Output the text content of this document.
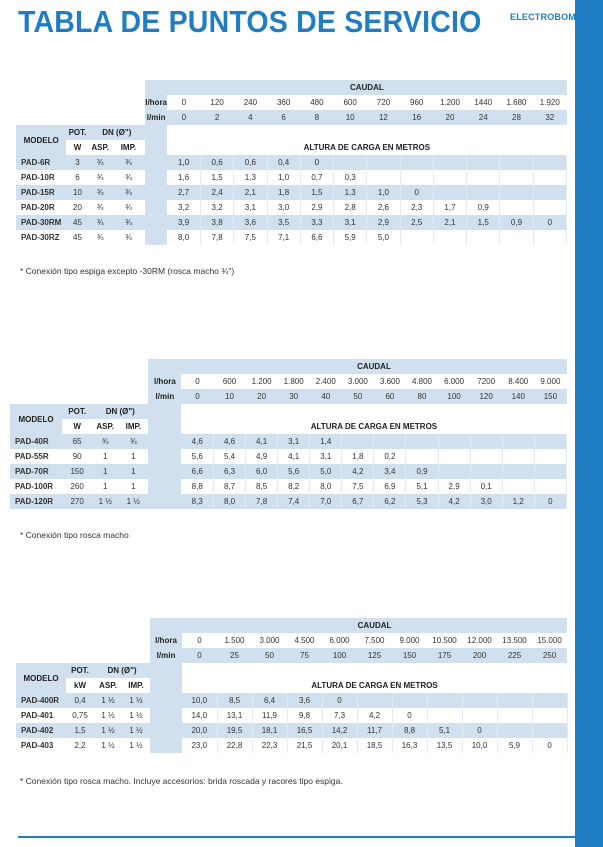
TABLA DE PUNTOS DE SERVICIO	ELECTROBOMBAS
					CAUDAL											
				l/hora	0	120	240	360	480	600	720	960	1.200	1440	1.680	1.920
				l/min	0	2	4	6	8	10	12	16	20	24	28	32
MODELO	POT.	DN (Ø")														
	W	ASP.	IMP.		ALTURA DE CARGA EN METROS											
PAD-6R	3	¾	¾		1,0	0,6	0,6	0,4	0							
PAD-10R	6	¾	¾		1,6	1,5	1,3	1,0	0,7	0,3						
PAD-15R	10	¾	¾		2,7	2,4	2,1	1,8	1,5	1,3	1,0	0				
PAD-20R	20	¾	¾		3,2	3,2	3,1	3,0	2,9	2,8	2,6	2,3	1,7	0,9		
PAD-30RM	45	¾	¾		3,9	3,8	3,6	3,5	3,3	3,1	2,9	2,5	2,1	1,5	0,9	0
PAD-30RZ	45	¾	¾		8,0	7,8	7,5	7,1	6,6	5,9	5,0					
* Conexión tipo espiga excepto -30RM (rosca macho ¾")
					CAUDAL											
				l/hora	0	600	1.200	1.800	2.400	3.000	3.600	4.800	6.000	7200	8.400	9.000
				l/min	0	10	20	30	40	50	60	80	100	120	140	150
MODELO	POT.	DN (Ø")														
	W	ASP.	IMP.		ALTURA DE CARGA EN METROS											
PAD-40R	65	¾	¾		4,6	4,6	4,1	3,1	1,4							
PAD-55R	90	1	1		5,6	5,4	4,9	4,1	3,1	1,8	0,2					
PAD-70R	150	1	1		6,6	6,3	6,0	5,6	5,0	4,2	3,4	0,9				
PAD-100R	260	1	1		8,8	8,7	8,5	8,2	8,0	7,5	6,9	5,1	2,9	0,1		
PAD-120R	270	1 ½	1 ½		8,3	8,0	7,8	7,4	7,0	6,7	6,2	5,3	4,2	3,0	1,2	0
* Conexión tipo rosca macho
					CAUDAL										
				l/hora	0	1.500	3.000	4.500	6.000	7.500	9.000	10.500	12.000	13.500	15.000
				l/min	0	25	50	75	100	125	150	175	200	225	250
MODELO	POT.	DN (Ø")													
	kW	ASP.	IMP.		ALTURA DE CARGA EN METROS										
PAD-400R	0,4	1 ½	1 ½		10,0	8,5	6,4	3,6	0						
PAD-401	0,75	1 ½	1 ½		14,0	13,1	11,9	9,8	7,3	4,2	0				
PAD-402	1,5	1 ½	1 ½		20,0	19,5	18,1	16,5	14,2	11,7	8,8	5,1	0		
PAD-403	2,2	1 ½	1 ½		23,0	22,8	22,3	21,5	20,1	18,5	16,3	13,5	10,0	5,9	0
* Conexión tipo rosca macho. Incluye accesorios: brida roscada y racores tipo espiga.
